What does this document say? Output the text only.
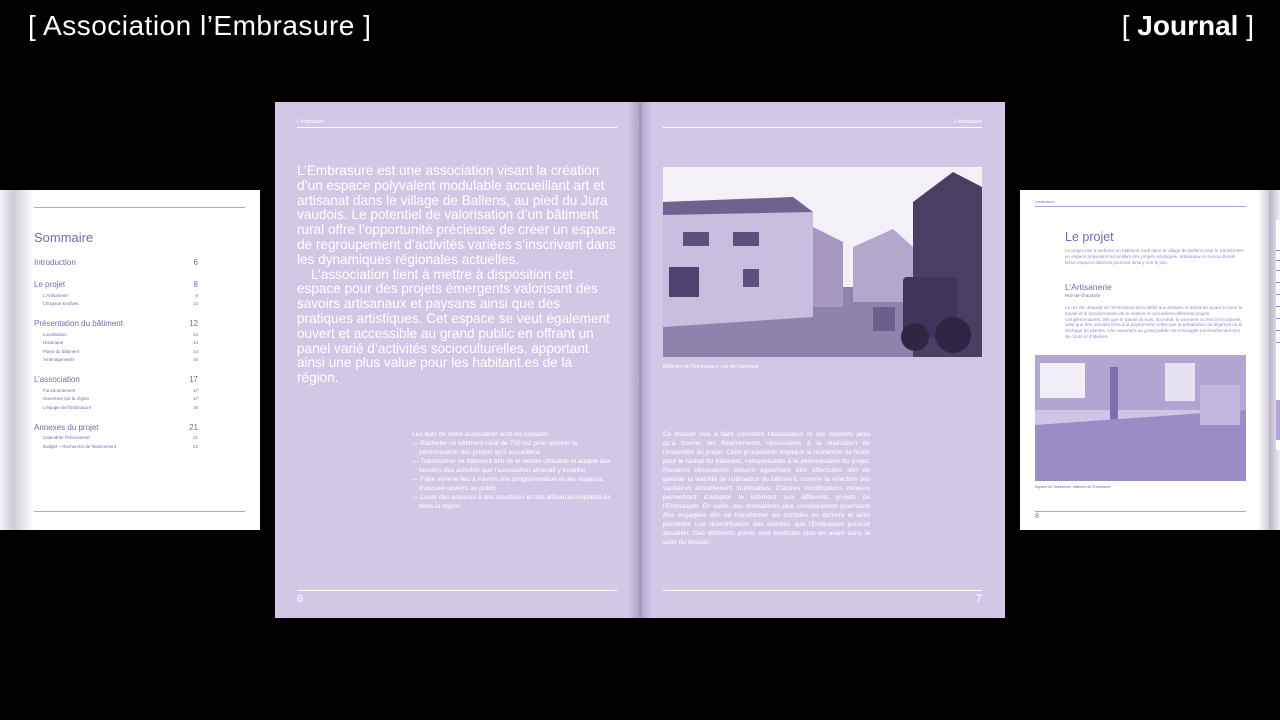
[ Association l’Embrasure ]	[ Journal ]
Sommaire
Introduction	6
Le projet	8
L’Artisanerie	9
L’Espace Endives	10
Présentation du bâtiment	12
Localisation	12
Historique	13
Plans du bâtiment	14
Aménagements	16
L’association	17
Fonctionnement	17
Ouverture sur la région	17
L’équipe de l’Embrasure	18
Annexes du projet	21
Calendrier Prévisionnel	21
Budget – Recherche de financement	22
L’embrasure	L’embrasure

L’Embrasure est une association visant la création d’un espace polyvalent modulable accueillant art et artisanat dans le village de Ballens, au pied du Jura vaudois. Le potentiel de valorisation d’un bâtiment rural offre l’opportunité précieuse de créer un espace de regroupement d’activités variées s’inscrivant dans les dynamiques régionales actuelles.

L’association tient à mettre à disposition cet espace pour des projets émergents valorisant des savoirs artisanaux et paysans ainsi que des pratiques artistiques. Cet espace se veut également ouvert et accessible au grand public en offrant un panel varié d’activités socioculturelles, apportant ainsi une plus value pour les habitant.es de la région.

Les buts de notre association sont les suivants:
— Racheter un bâtiment rural de 700 m2 pour assurer la pérennisation des projets qu’il accueillera
— Transformer ce bâtiment afin de le rendre utilisable et adapté aux besoins des activités que l’association aimerait y installer.
— Faire vivre le lieu à travers une programmation et des espaces d’accueil ouverts au public.
— Louer des espaces à des structures et des artisan.es implanté.es dans la région.
Bâtiment de l’Embrasure, vue de l’extérieur
Ce dossier vise à faire connaître l’association et ses objectifs ainsi qu’à trouver les financements nécessaires à la réalisation de l’ensemble du projet. Cette prospection implique la recherche de fonds pour le rachat du bâtiment, indispensable à la pérennisation du projet. Plusieurs rénovations doivent également être effectuées afin de garantir la viabilité de l’utilisation du bâtiment, comme la réfection des sanitaires actuellement inutilisables. D’autres modifications mineurs permettront d’adapter le bâtiment aux différents projets de l’Embrasure. En outre, des rénovations plus conséquentes pourraient être engagées afin de transformer les combles en dortoirs et ainsi permettre une diversification des activités que l’Embrasure pourrait accueillir. Ces différents points sont explicités plus en avant dans la suite du dossier.
6	7
L’embrasure
Le projet
Le projet vise à racheter un bâtiment rural dans le village de Ballens pour le transformer en espace polyvalent accueillant des projets artistiques, artisanaux et socioculturels. Deux espaces distincts pourront ainsi y voir le jour.
L’Artisanerie
Rez-de-chaussée
Le rez de chaussé de l’Embrasure sera dédié aux artisans et artisanes ayant à coeur le travail et la transformation de la matière et accueillera différents projets complémentaires, tels que le travail du bois, du métal, la vannerie ou encore la poterie, ainsi que des activités liées à la paysannerie telles que la préparation de légumes ou le séchage de plantes. Une ouverture au grand public est envisagée ponctuellement lors de cours et d’ateliers.
Espace de l’Artisanerie, bâtiment de l’Embrasure
8
